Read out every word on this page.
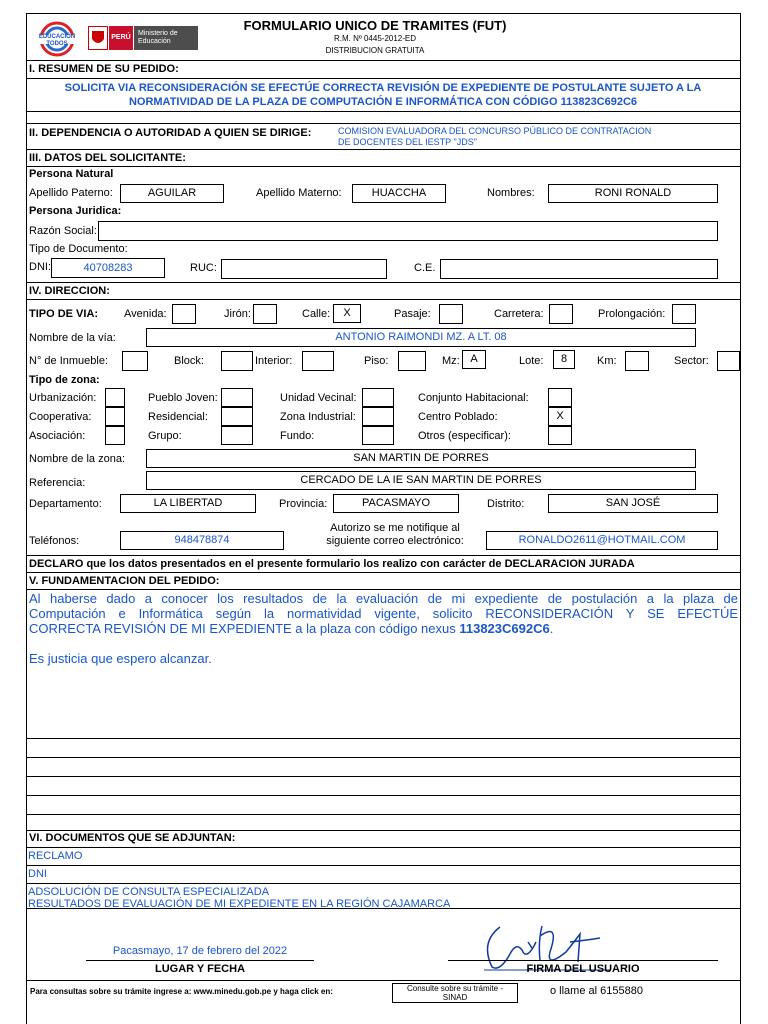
EDUCACIÓN TODOS
PERÚ
Ministerio de Educación
FORMULARIO UNICO DE TRAMITES (FUT)
R.M. Nº 0445-2012-ED
DISTRIBUCION GRATUITA
I. RESUMEN DE SU PEDIDO:
SOLICITA VIA RECONSIDERACIÓN SE EFECTÚE CORRECTA REVISIÓN DE EXPEDIENTE DE POSTULANTE SUJETO A LA
NORMATIVIDAD DE LA PLAZA DE COMPUTACIÓN E INFORMÁTICA CON CÓDIGO 113823C692C6
II. DEPENDENCIA O AUTORIDAD A QUIEN SE DIRIGE:	COMISION EVALUADORA DEL CONCURSO PÚBLICO DE CONTRATACION
DE DOCENTES DEL IESTP "JDS"
III. DATOS DEL SOLICITANTE:
Persona Natural
Apellido Paterno:	AGUILAR	Apellido Materno:	HUACCHA	Nombres:	RONI RONALD
Persona Juridica:
Razón Social:
Tipo de Documento:
DNI:	40708283	RUC:	C.E.
IV. DIRECCION:
TIPO DE VIA: Avenida:	Jirón:	Calle:	X	Pasaje:	Carretera:	Prolongación:
Nombre de la vía:	ANTONIO RAIMONDI MZ. A LT. 08
N° de Inmueble:	Block:	Interior:	Piso:	Mz: A	Lote:	8	Km:	Sector:
Tipo de zona:
Urbanización:	Pueblo Joven:	Unidad Vecinal:	Conjunto Habitacional:
Cooperativa:	Residencial:	Zona Industrial:	Centro Poblado:	X
Asociación:	Grupo:	Fundo:	Otros (especificar):
Nombre de la zona:	SAN MARTIN DE PORRES
Referencia:	CERCADO DE LA IE SAN MARTIN DE PORRES
Departamento:	LA LIBERTAD	Provincia:	PACASMAYO	Distrito:	SAN JOSÉ
Teléfonos:	948478874
Autorizo se me notifique al
siguiente correo electrónico:	RONALDO2611@HOTMAIL.COM
DECLARO que los datos presentados en el presente formulario los realizo con carácter de DECLARACION JURADA
V. FUNDAMENTACION DEL PEDIDO:
Al haberse dado a conocer los resultados de la evaluación de mi expediente de postulación a la plaza de
Computación e Informática según la normatividad vigente, solicito RECONSIDERACIÓN Y SE EFECTÚE
CORRECTA REVISIÓN DE MI EXPEDIENTE a la plaza con código nexus 113823C692C6.
Es justicia que espero alcanzar.
VI. DOCUMENTOS QUE SE ADJUNTAN:
RECLAMO
DNI
ADSOLUCIÓN DE CONSULTA ESPECIALIZADA
RESULTADOS DE EVALUACIÓN DE MI EXPEDIENTE EN LA REGIÓN CAJAMARCA
Pacasmayo, 17 de febrero del 2022
LUGAR Y FECHA	FIRMA DEL USUARIO
Para consultas sobre su trámite ingrese a: www.minedu.gob.pe y haga click en:	Consulte sobre su trámite -
SINAD
o llame al 6155880
